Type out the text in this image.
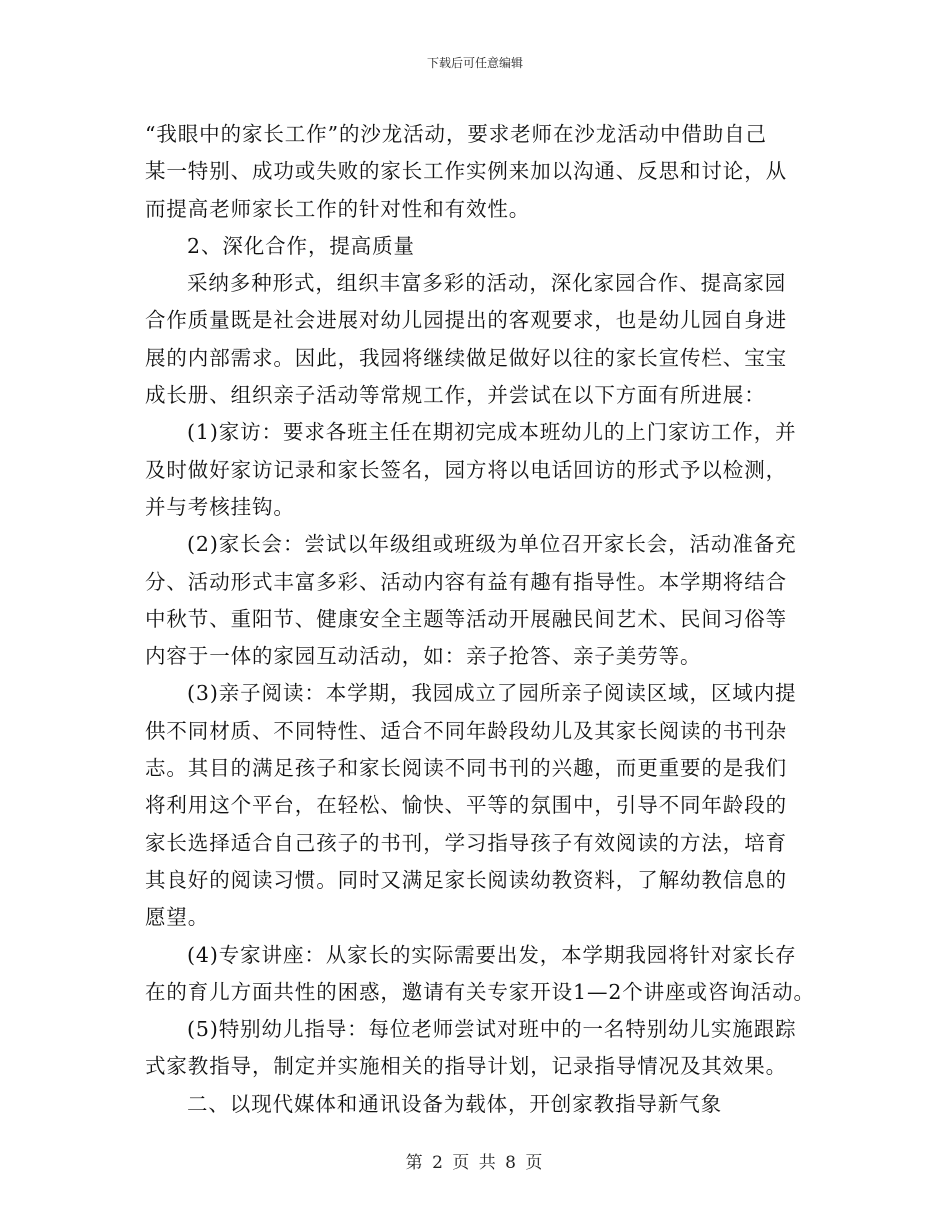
下载后可任意编辑
“我眼中的家长工作”的沙龙活动，要求老师在沙龙活动中借助自己
某一特别、成功或失败的家长工作实例来加以沟通、反思和讨论，从
而提高老师家长工作的针对性和有效性。
2、深化合作，提高质量
采纳多种形式，组织丰富多彩的活动，深化家园合作、提高家园
合作质量既是社会进展对幼儿园提出的客观要求，也是幼儿园自身进
展的内部需求。因此，我园将继续做足做好以往的家长宣传栏、宝宝
成长册、组织亲子活动等常规工作，并尝试在以下方面有所进展：
(1)家访：要求各班主任在期初完成本班幼儿的上门家访工作，并
及时做好家访记录和家长签名，园方将以电话回访的形式予以检测，
并与考核挂钩。
(2)家长会：尝试以年级组或班级为单位召开家长会，活动准备充
分、活动形式丰富多彩、活动内容有益有趣有指导性。本学期将结合
中秋节、重阳节、健康安全主题等活动开展融民间艺术、民间习俗等
内容于一体的家园互动活动，如：亲子抢答、亲子美劳等。
(3)亲子阅读：本学期，我园成立了园所亲子阅读区域，区域内提
供不同材质、不同特性、适合不同年龄段幼儿及其家长阅读的书刊杂
志。其目的满足孩子和家长阅读不同书刊的兴趣，而更重要的是我们
将利用这个平台，在轻松、愉快、平等的氛围中，引导不同年龄段的
家长选择适合自己孩子的书刊，学习指导孩子有效阅读的方法，培育
其良好的阅读习惯。同时又满足家长阅读幼教资料，了解幼教信息的
愿望。
(4)专家讲座：从家长的实际需要出发，本学期我园将针对家长存
在的育儿方面共性的困惑，邀请有关专家开设1—2个讲座或咨询活动。
(5)特别幼儿指导：每位老师尝试对班中的一名特别幼儿实施跟踪
式家教指导，制定并实施相关的指导计划，记录指导情况及其效果。
二、以现代媒体和通讯设备为载体，开创家教指导新气象
第 2 页 共 8 页
